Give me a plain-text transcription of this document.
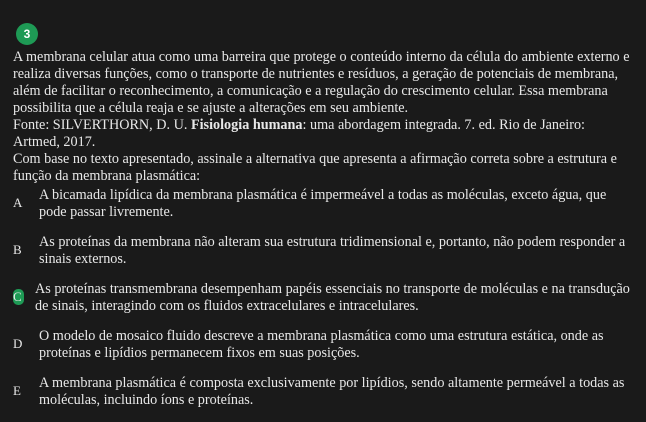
3

A membrana celular atua como uma barreira que protege o conteúdo interno da célula do ambiente externo e realiza diversas funções, como o transporte de nutrientes e resíduos, a geração de potenciais de membrana, além de facilitar o reconhecimento, a comunicação e a regulação do crescimento celular. Essa membrana possibilita que a célula reaja e se ajuste a alterações em seu ambiente.

Fonte: SILVERTHORN, D. U. Fisiologia humana: uma abordagem integrada. 7. ed. Rio de Janeiro: Artmed, 2017.

Com base no texto apresentado, assinale a alternativa que apresenta a afirmação correta sobre a estrutura e função da membrana plasmática:

A	A bicamada lipídica da membrana plasmática é impermeável a todas as moléculas, exceto água, que pode passar livremente.
B	As proteínas da membrana não alteram sua estrutura tridimensional e, portanto, não podem responder a sinais externos.
C As proteínas transmembrana desempenham papéis essenciais no transporte de moléculas e na transdução de sinais, interagindo com os fluidos extracelulares e intracelulares.
D	O modelo de mosaico fluido descreve a membrana plasmática como uma estrutura estática, onde as proteínas e lipídios permanecem fixos em suas posições.
E	A membrana plasmática é composta exclusivamente por lipídios, sendo altamente permeável a todas as moléculas, incluindo íons e proteínas.
